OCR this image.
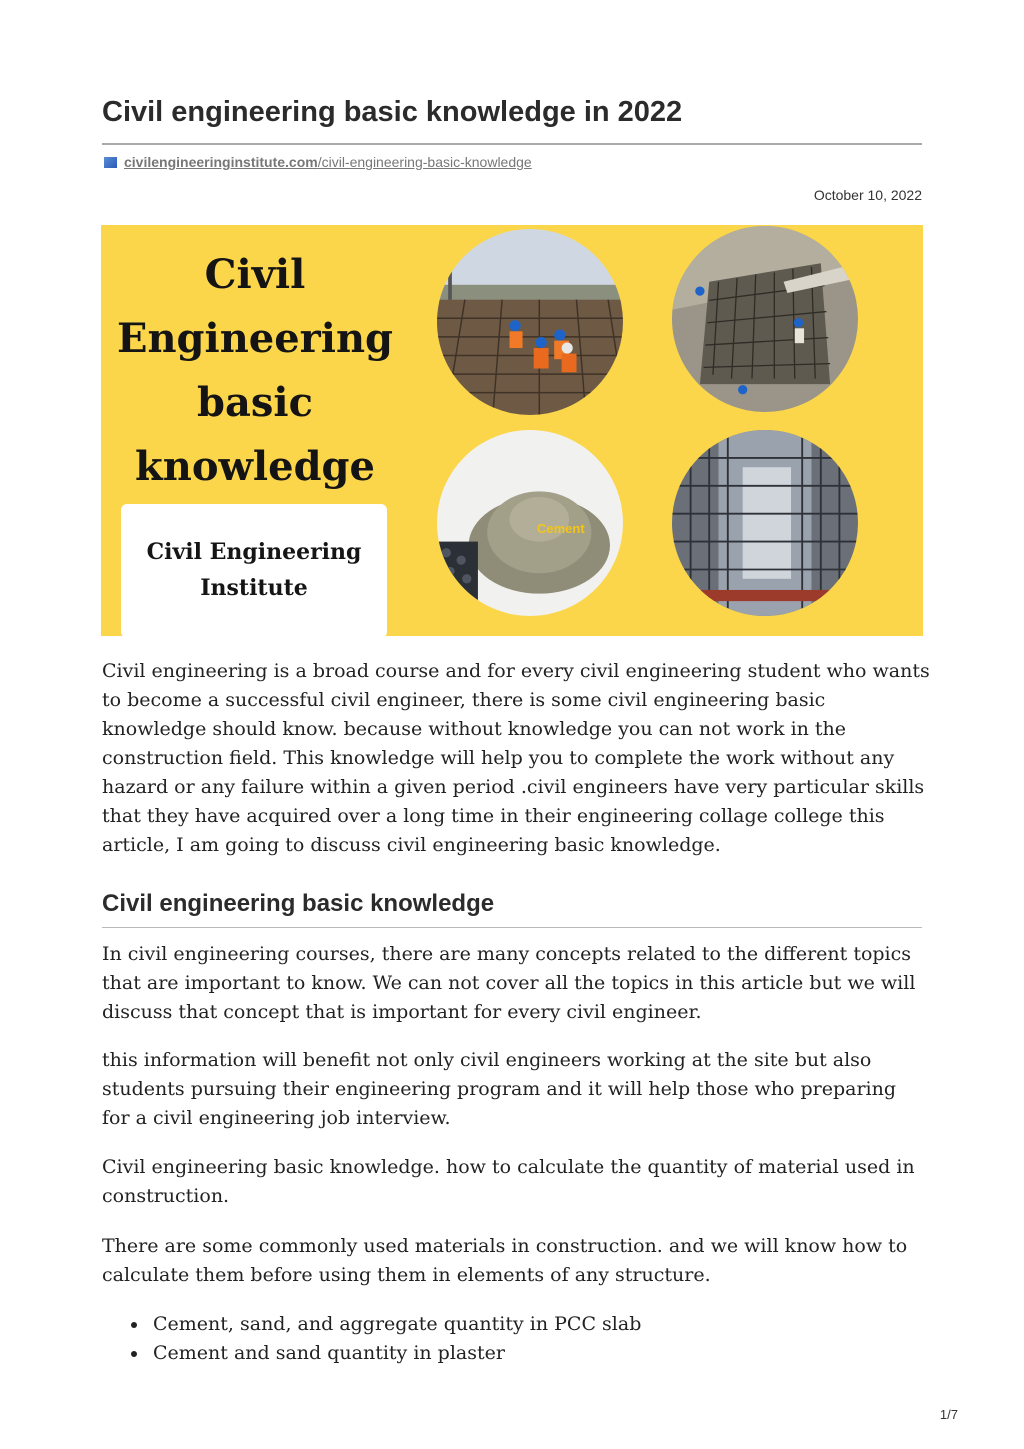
Civil engineering basic knowledge in 2022
civilengineeringinstitute.com/civil-engineering-basic-knowledge
October 10, 2022

Civil Engineering basic knowledge

Civil Engineering Institute
Cement

Civil engineering is a broad course and for every civil engineering student who wants to become a successful civil engineer, there is some civil engineering basic knowledge should know. because without knowledge you can not work in the construction field. This knowledge will help you to complete the work without any hazard or any failure within a given period .civil engineers have very particular skills that they have acquired over a long time in their engineering collage college this article, I am going to discuss civil engineering basic knowledge.

Civil engineering basic knowledge

In civil engineering courses, there are many concepts related to the different topics that are important to know. We can not cover all the topics in this article but we will discuss that concept that is important for every civil engineer.

this information will benefit not only civil engineers working at the site but also students pursuing their engineering program and it will help those who preparing for a civil engineering job interview.

Civil engineering basic knowledge. how to calculate the quantity of material used in construction.

There are some commonly used materials in construction. and we will know how to calculate them before using them in elements of any structure.

Cement, sand, and aggregate quantity in PCC slab
Cement and sand quantity in plaster
1/7
